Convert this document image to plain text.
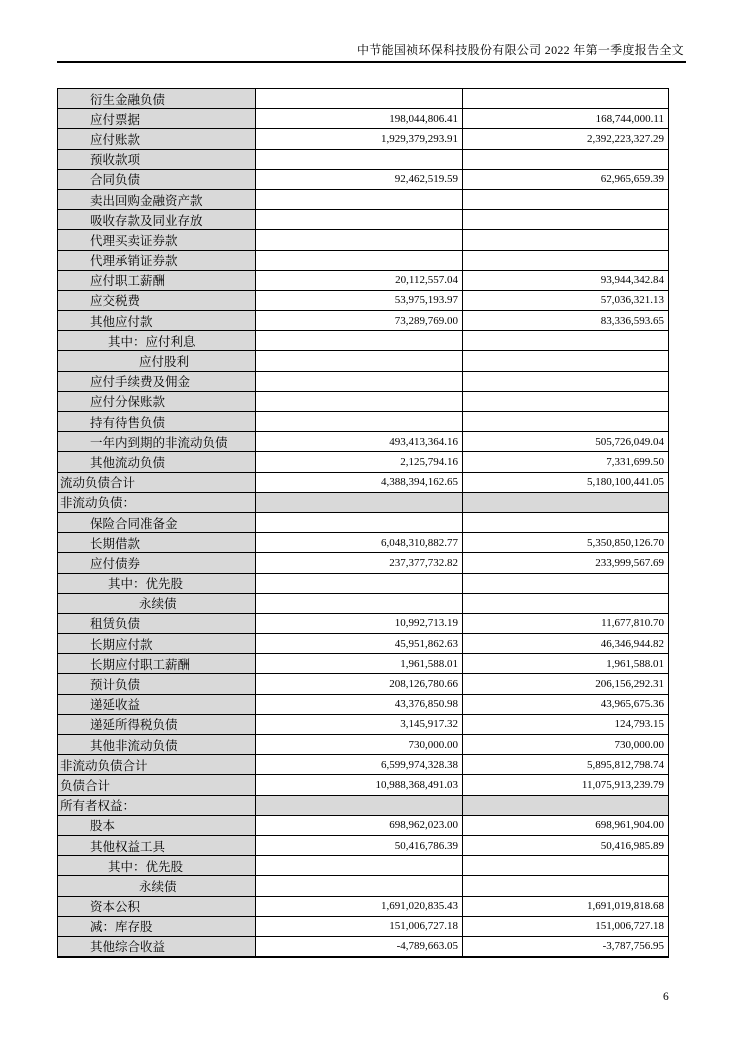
中节能国祯环保科技股份有限公司 2022 年第一季度报告全文
衍生金融负债		
应付票据	198,044,806.41	168,744,000.11
应付账款	1,929,379,293.91	2,392,223,327.29
预收款项		
合同负债	92,462,519.59	62,965,659.39
卖出回购金融资产款		
吸收存款及同业存放		
代理买卖证券款		
代理承销证券款		
应付职工薪酬	20,112,557.04	93,944,342.84
应交税费	53,975,193.97	57,036,321.13
其他应付款	73,289,769.00	83,336,593.65
其中：应付利息		
应付股利		
应付手续费及佣金		
应付分保账款		
持有待售负债		
一年内到期的非流动负债	493,413,364.16	505,726,049.04
其他流动负债	2,125,794.16	7,331,699.50
流动负债合计	4,388,394,162.65	5,180,100,441.05
非流动负债：		
保险合同准备金		
长期借款	6,048,310,882.77	5,350,850,126.70
应付债券	237,377,732.82	233,999,567.69
其中：优先股		
永续债		
租赁负债	10,992,713.19	11,677,810.70
长期应付款	45,951,862.63	46,346,944.82
长期应付职工薪酬	1,961,588.01	1,961,588.01
预计负债	208,126,780.66	206,156,292.31
递延收益	43,376,850.98	43,965,675.36
递延所得税负债	3,145,917.32	124,793.15
其他非流动负债	730,000.00	730,000.00
非流动负债合计	6,599,974,328.38	5,895,812,798.74
负债合计	10,988,368,491.03	11,075,913,239.79
所有者权益：		
股本	698,962,023.00	698,961,904.00
其他权益工具	50,416,786.39	50,416,985.89
其中：优先股		
永续债		
资本公积	1,691,020,835.43	1,691,019,818.68
减：库存股	151,006,727.18	151,006,727.18
其他综合收益	-4,789,663.05	-3,787,756.95
6
